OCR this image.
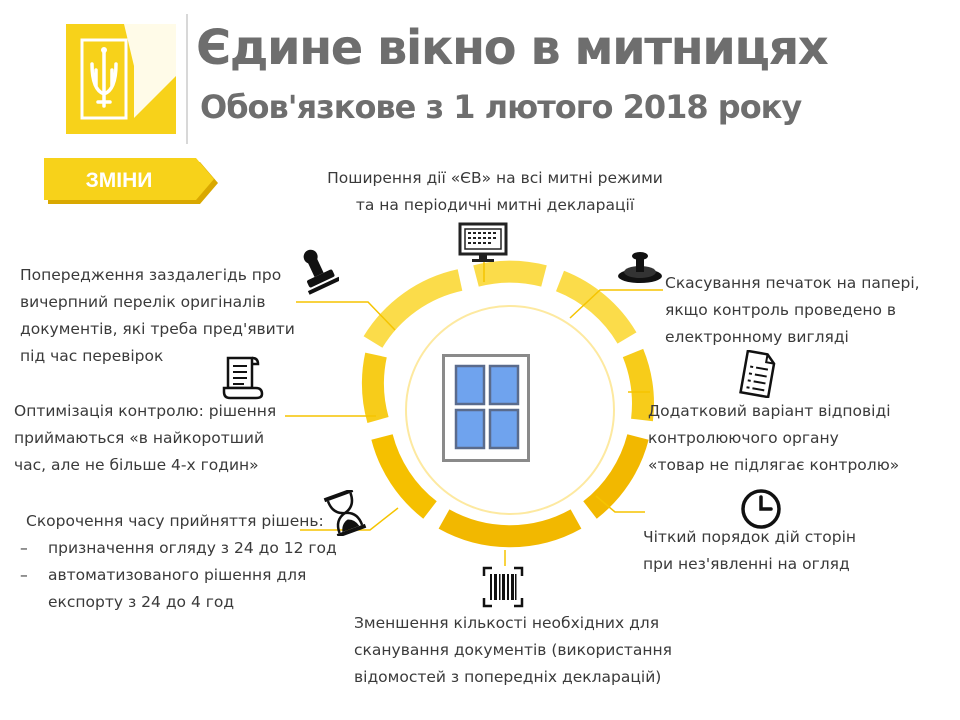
Єдине вікно в митницях
Обов'язкове з 1 лютого 2018 року
ЗМІНИ	Поширення дії «ЄВ» на всі митні режими
та на періодичні митні декларації
Попередження заздалегідь про
вичерпний перелік оригіналів
документів, які треба пред'явити
під час перевірок
Оптимізація контролю: рішення
приймаються «в найкоротший
час, але не більше 4-х годин»
Скорочення часу прийняття рішень:
– призначення огляду з 24 до 12 год
– автоматизованого рішення для
експорту з 24 до 4 год
Скасування печаток на папері,
якщо контроль проведено в
електронному вигляді
Додатковий варіант відповіді
контролюючого органу
«товар не підлягає контролю»
Чіткий порядок дій сторін
при нез'явленні на огляд
Зменшення кількості необхідних для
сканування документів (використання
відомостей з попередніх декларацій)
